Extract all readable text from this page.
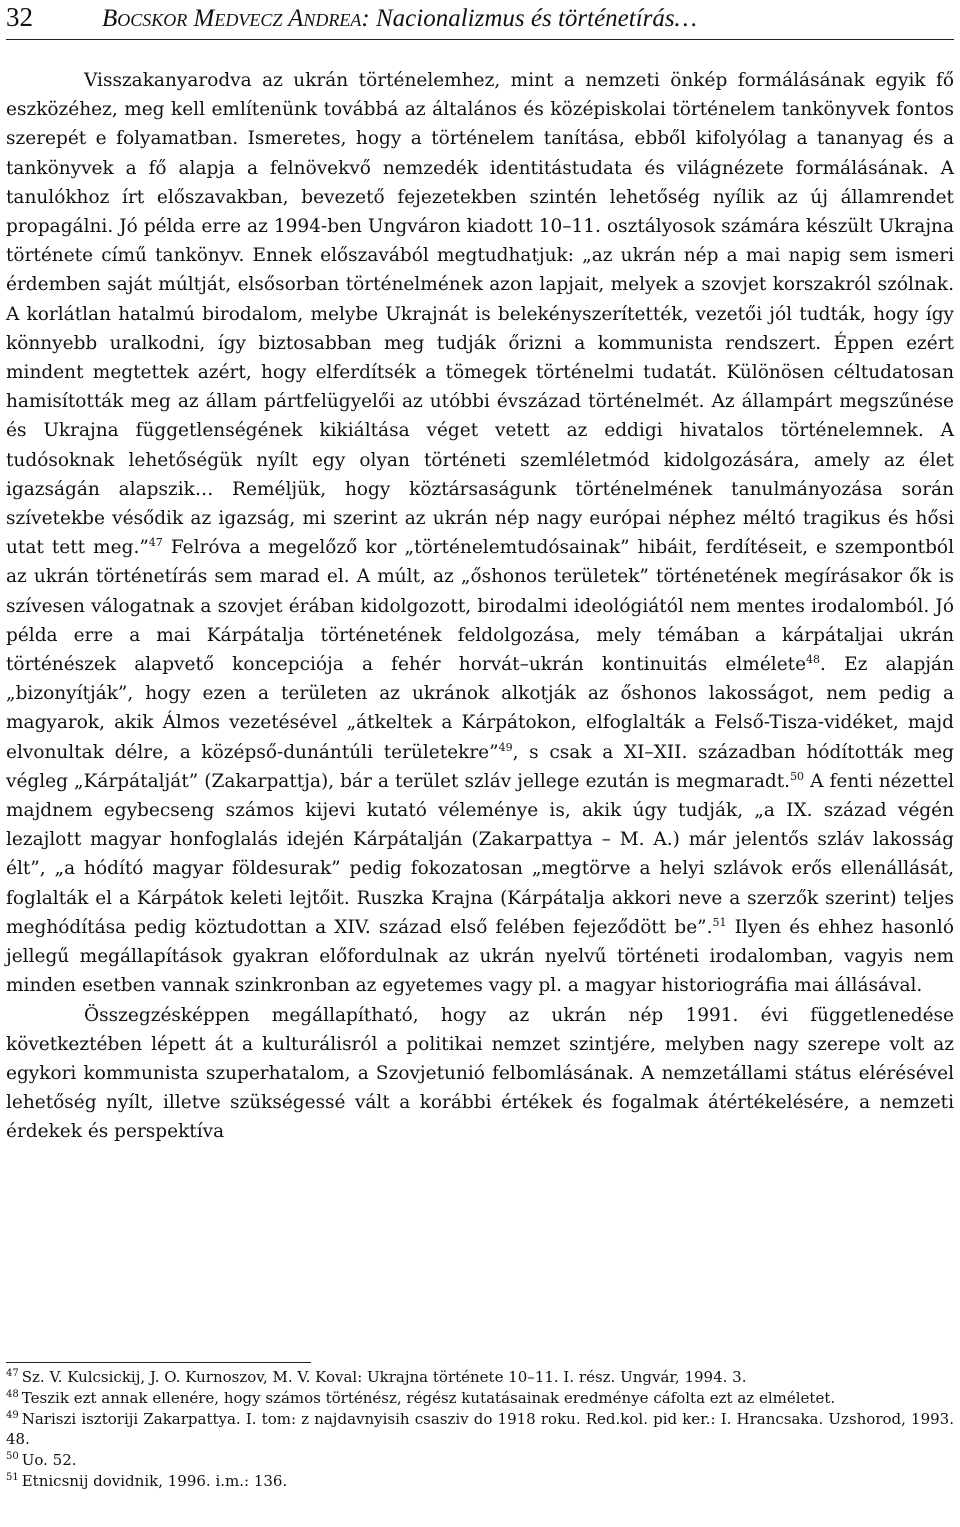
32	Bocskor Medvecz Andrea: Nacionalizmus és történetírás…

Visszakanyarodva az ukrán történelemhez, mint a nemzeti önkép formálásának egyik fő eszközéhez, meg kell említenünk továbbá az általános és középiskolai történelem tankönyvek fontos szerepét e folyamatban. Ismeretes, hogy a történelem tanítása, ebből kifolyólag a tananyag és a tankönyvek a fő alapja a felnövekvő nemzedék identitástudata és világnézete formálásának. A tanulókhoz írt előszavakban, bevezető fejezetekben szintén lehetőség nyílik az új államrendet propagálni. Jó példa erre az 1994-ben Ungváron kiadott 10–11. osztályosok számára készült Ukrajna története című tankönyv. Ennek előszavából megtudhatjuk: „az ukrán nép a mai napig sem ismeri érdemben saját múltját, elsősorban történelmének azon lapjait, melyek a szovjet korszakról szólnak. A korlátlan hatalmú birodalom, melybe Ukrajnát is belekényszerítették, vezetői jól tudták, hogy így könnyebb uralkodni, így biztosabban meg tudják őrizni a kommunista rendszert. Éppen ezért mindent megtettek azért, hogy elferdítsék a tömegek történelmi tudatát. Különösen céltudatosan hamisították meg az állam pártfelügyelői az utóbbi évszázad történelmét. Az állampárt megszűnése és Ukrajna függetlenségének kikiáltása véget vetett az eddigi hivatalos történelemnek. A tudósoknak lehetőségük nyílt egy olyan történeti szemléletmód kidolgozására, amely az élet igazságán alapszik… Reméljük, hogy köztársaságunk történelmének tanulmányozása során szívetekbe vésődik az igazság, mi szerint az ukrán nép nagy európai néphez méltó tragikus és hősi utat tett meg.”$^{47}$ Felróva a megelőző kor „történelemtudósainak” hibáit, ferdítéseit, e szempontból az ukrán történetírás sem marad el. A múlt, az „őshonos területek” történetének megírásakor ők is szívesen válogatnak a szovjet érában kidolgozott, birodalmi ideológiától nem mentes irodalomból. Jó példa erre a mai Kárpátalja történetének feldolgozása, mely témában a kárpátaljai ukrán történészek alapvető koncepciója a fehér horvát–ukrán kontinuitás elmélete$^{48}$. Ez alapján „bizonyítják”, hogy ezen a területen az ukránok alkotják az őshonos lakosságot, nem pedig a magyarok, akik Álmos vezetésével „átkeltek a Kárpátokon, elfoglalták a Felső-Tisza-vidéket, majd elvonultak délre, a középső-dunántúli területekre”$^{49}$, s csak a XI–XII. században hódították meg végleg „Kárpátalját” (Zakarpattja), bár a terület szláv jellege ezután is megmaradt.$^{50}$ A fenti nézettel majdnem egybecseng számos kijevi kutató véleménye is, akik úgy tudják, „a IX. század végén lezajlott magyar honfoglalás idején Kárpátalján (Zakarpattya – M. A.) már jelentős szláv lakosság élt”, „a hódító magyar földesurak” pedig fokozatosan „megtörve a helyi szlávok erős ellenállását, foglalták el a Kárpátok keleti lejtőit. Ruszka Krajna (Kárpátalja akkori neve a szerzők szerint) teljes meghódítása pedig köztudottan a XIV. század első felében fejeződött be”.$^{51}$ Ilyen és ehhez hasonló jellegű megállapítások gyakran előfordulnak az ukrán nyelvű történeti irodalomban, vagyis nem minden esetben vannak szinkronban az egyetemes vagy pl. a magyar historiográfia mai állásával.

Összegzésképpen megállapítható, hogy az ukrán nép 1991. évi függetlenedése következtében lépett át a kulturálisról a politikai nemzet szintjére, melyben nagy szerepe volt az egykori kommunista szuperhatalom, a Szovjetunió felbomlásának. A nemzetállami státus elérésével lehetőség nyílt, illetve szükségessé vált a korábbi értékek és fogalmak átértékelésére, a nemzeti érdekek és perspektíva

$^{47}$ Sz. V. Kulcsickij, J. O. Kurnoszov, M. V. Koval: Ukrajna története 10–11. I. rész. Ungvár, 1994. 3.
$^{48}$ Teszik ezt annak ellenére, hogy számos történész, régész kutatásainak eredménye cáfolta ezt az elméletet.
$^{49}$ Nariszi isztoriji Zakarpattya. I. tom: z najdavnyisih csasziv do 1918 roku. Red.kol. pid ker.: I. Hrancsaka. Uzshorod, 1993. 48.
$^{50}$ Uo. 52.
$^{51}$ Etnicsnij dovidnik, 1996. i.m.: 136.
